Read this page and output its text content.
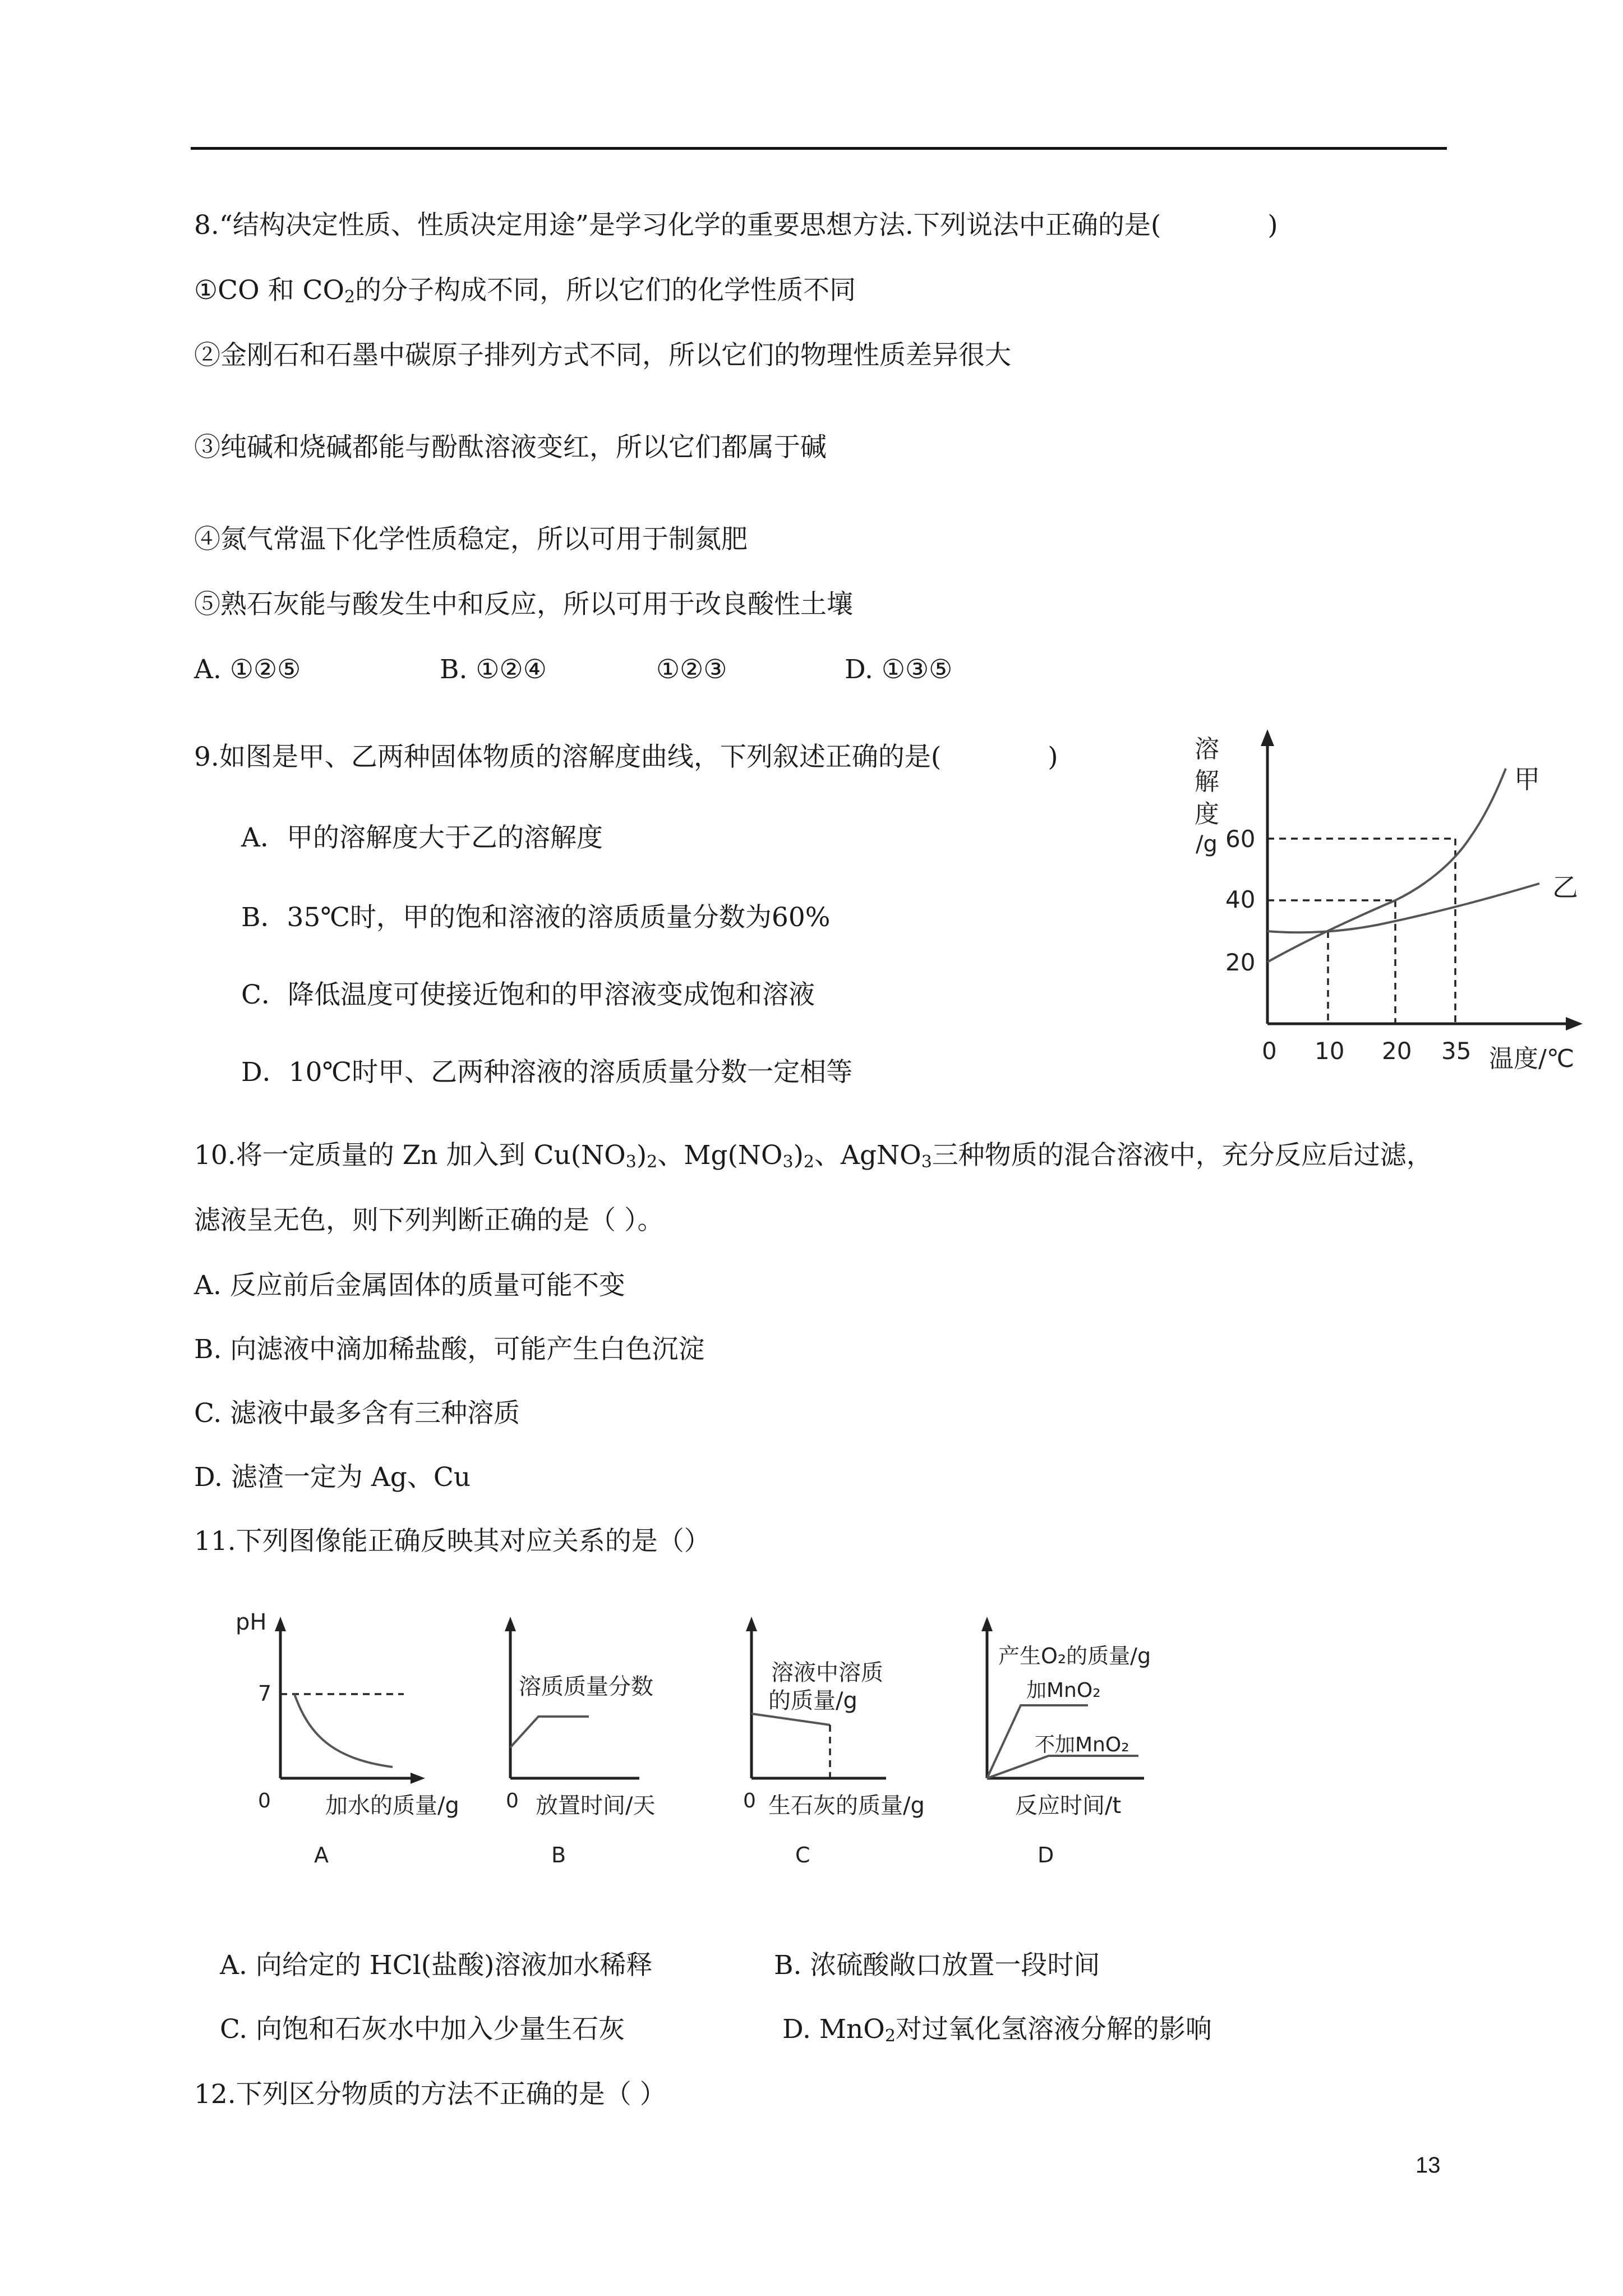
8.“结构决定性质、性质决定用途”是学习化学的重要思想方法.下列说法中正确的是(	)
①CO 和 $CO_2$的分子构成不同，所以它们的化学性质不同
②金刚石和石墨中碳原子排列方式不同，所以它们的物理性质差异很大
③纯碱和烧碱都能与酚酞溶液变红，所以它们都属于碱
④氮气常温下化学性质稳定，所以可用于制氮肥
⑤熟石灰能与酸发生中和反应，所以可用于改良酸性土壤
A. ①②⑤	B. ①②④	①②③	D. ①③⑤
9.如图是甲、乙两种固体物质的溶解度曲线，下列叙述正确的是(	)
A．甲的溶解度大于乙的溶解度
B．35℃时，甲的饱和溶液的溶质质量分数为60%
C．降低温度可使接近饱和的甲溶液变成饱和溶液
D．10℃时甲、乙两种溶液的溶质质量分数一定相等
溶
解
度
/g 60
40
20
0 10 20 35 温度/℃
甲
乙
10.将一定质量的 Zn 加入到 $Cu(NO_3)_2$、$Mg(NO_3)_2$、AgNO$_3$三种物质的混合溶液中，充分反应后过滤，
滤液呈无色，则下列判断正确的是（ ）。
A. 反应前后金属固体的质量可能不变
B. 向滤液中滴加稀盐酸，可能产生白色沉淀
C. 滤液中最多含有三种溶质
D. 滤渣一定为 Ag、Cu
11.下列图像能正确反映其对应关系的是（）
pH
7
0 加水的质量/g
A
溶质质量分数
0 放置时间/天
B
溶液中溶质
的质量/g
0 生石灰的质量/g
C
产生O₂的质量/g
加MnO₂
不加MnO₂
反应时间/t
D
A. 向给定的 HCl(盐酸)溶液加水稀释	B. 浓硫酸敞口放置一段时间
C. 向饱和石灰水中加入少量生石灰	D. MnO$_2$对过氧化氢溶液分解的影响
12.下列区分物质的方法不正确的是（ ）
13
